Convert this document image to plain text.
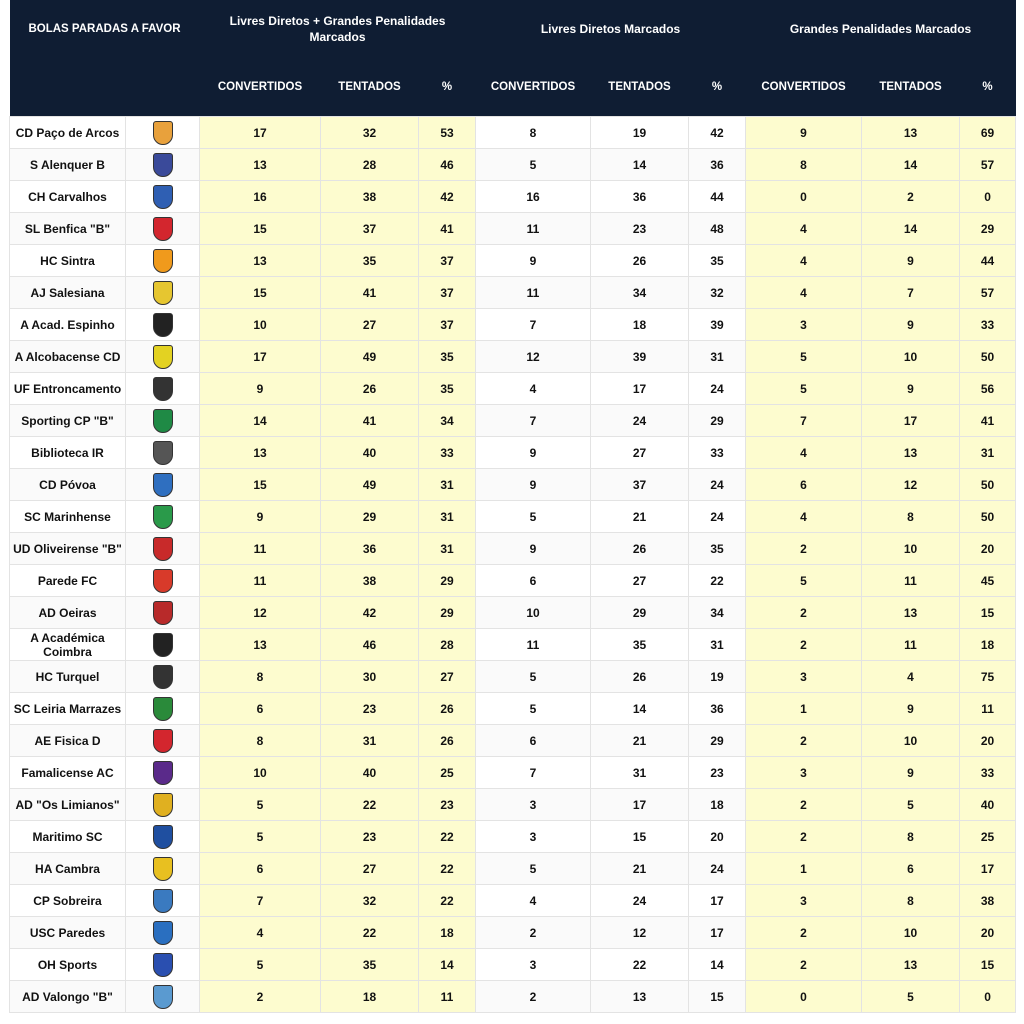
BOLAS PARADAS A FAVOR		Livres Diretos + Grandes Penalidades Marcados			Livres Diretos Marcados			Grandes Penalidades Marcados		
		CONVERTIDOS	TENTADOS	%	CONVERTIDOS	TENTADOS	%	CONVERTIDOS	TENTADOS	%
CD Paço de Arcos		17	32	53	8	19	42	9	13	69
S Alenquer B		13	28	46	5	14	36	8	14	57
CH Carvalhos		16	38	42	16	36	44	0	2	0
SL Benfica "B"		15	37	41	11	23	48	4	14	29
HC Sintra		13	35	37	9	26	35	4	9	44
AJ Salesiana		15	41	37	11	34	32	4	7	57
A Acad. Espinho		10	27	37	7	18	39	3	9	33
A Alcobacense CD		17	49	35	12	39	31	5	10	50
UF Entroncamento		9	26	35	4	17	24	5	9	56
Sporting CP "B"		14	41	34	7	24	29	7	17	41
Biblioteca IR		13	40	33	9	27	33	4	13	31
CD Póvoa		15	49	31	9	37	24	6	12	50
SC Marinhense		9	29	31	5	21	24	4	8	50
UD Oliveirense "B"		11	36	31	9	26	35	2	10	20
Parede FC		11	38	29	6	27	22	5	11	45
AD Oeiras		12	42	29	10	29	34	2	13	15
A Académica Coimbra		13	46	28	11	35	31	2	11	18
HC Turquel		8	30	27	5	26	19	3	4	75
SC Leiria Marrazes		6	23	26	5	14	36	1	9	11
AE Fisica D		8	31	26	6	21	29	2	10	20
Famalicense AC		10	40	25	7	31	23	3	9	33
AD "Os Limianos"		5	22	23	3	17	18	2	5	40
Maritimo SC		5	23	22	3	15	20	2	8	25
HA Cambra		6	27	22	5	21	24	1	6	17
CP Sobreira		7	32	22	4	24	17	3	8	38
USC Paredes		4	22	18	2	12	17	2	10	20
OH Sports		5	35	14	3	22	14	2	13	15
AD Valongo "B"		2	18	11	2	13	15	0	5	0
